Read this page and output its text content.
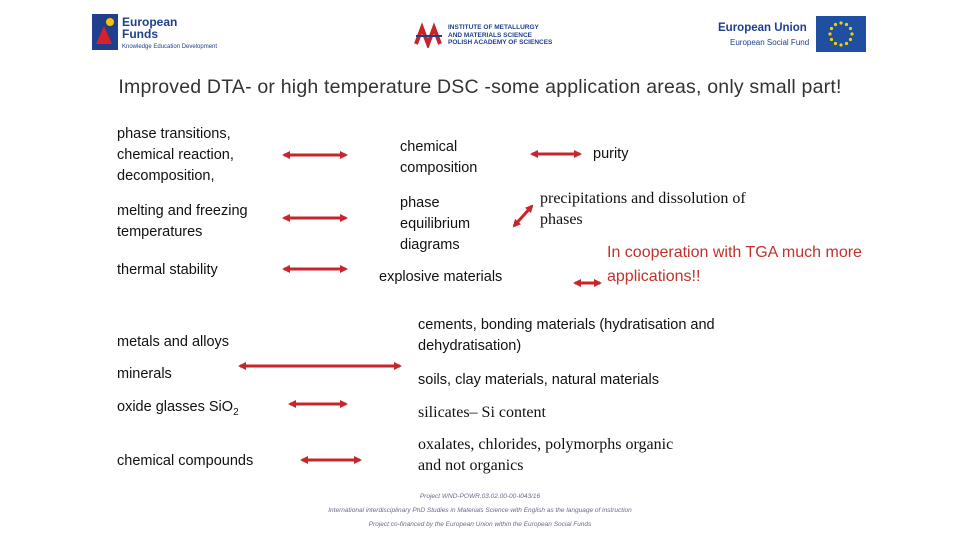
European
Funds
Knowledge Education Development
INSTITUTE OF METALLURGY
AND MATERIALS SCIENCE
POLISH ACADEMY OF SCIENCES
European Union
European Social Fund
Improved DTA- or high temperature DSC -some application areas, only small part!
phase transitions,
chemical reaction,
decomposition,
melting and freezing
temperatures
thermal stability
metals and alloys
minerals
oxide glasses SiO$_2$
chemical compounds
chemical
composition
phase
equilibrium
diagrams
explosive materials
purity
precipitations and dissolution of
phases
In cooperation with TGA much more
applications!!
cements, bonding materials (hydratisation and
dehydratisation)
soils, clay materials, natural materials
silicates– Si content
oxalates, chlorides, polymorphs organic
and not organics
Project WND-POWR.03.02.00-00-I043/16
International interdisciplinary PhD Studies in Materials Science with English as the language of instruction
Project co-financed by the European Union within the European Social Funds
